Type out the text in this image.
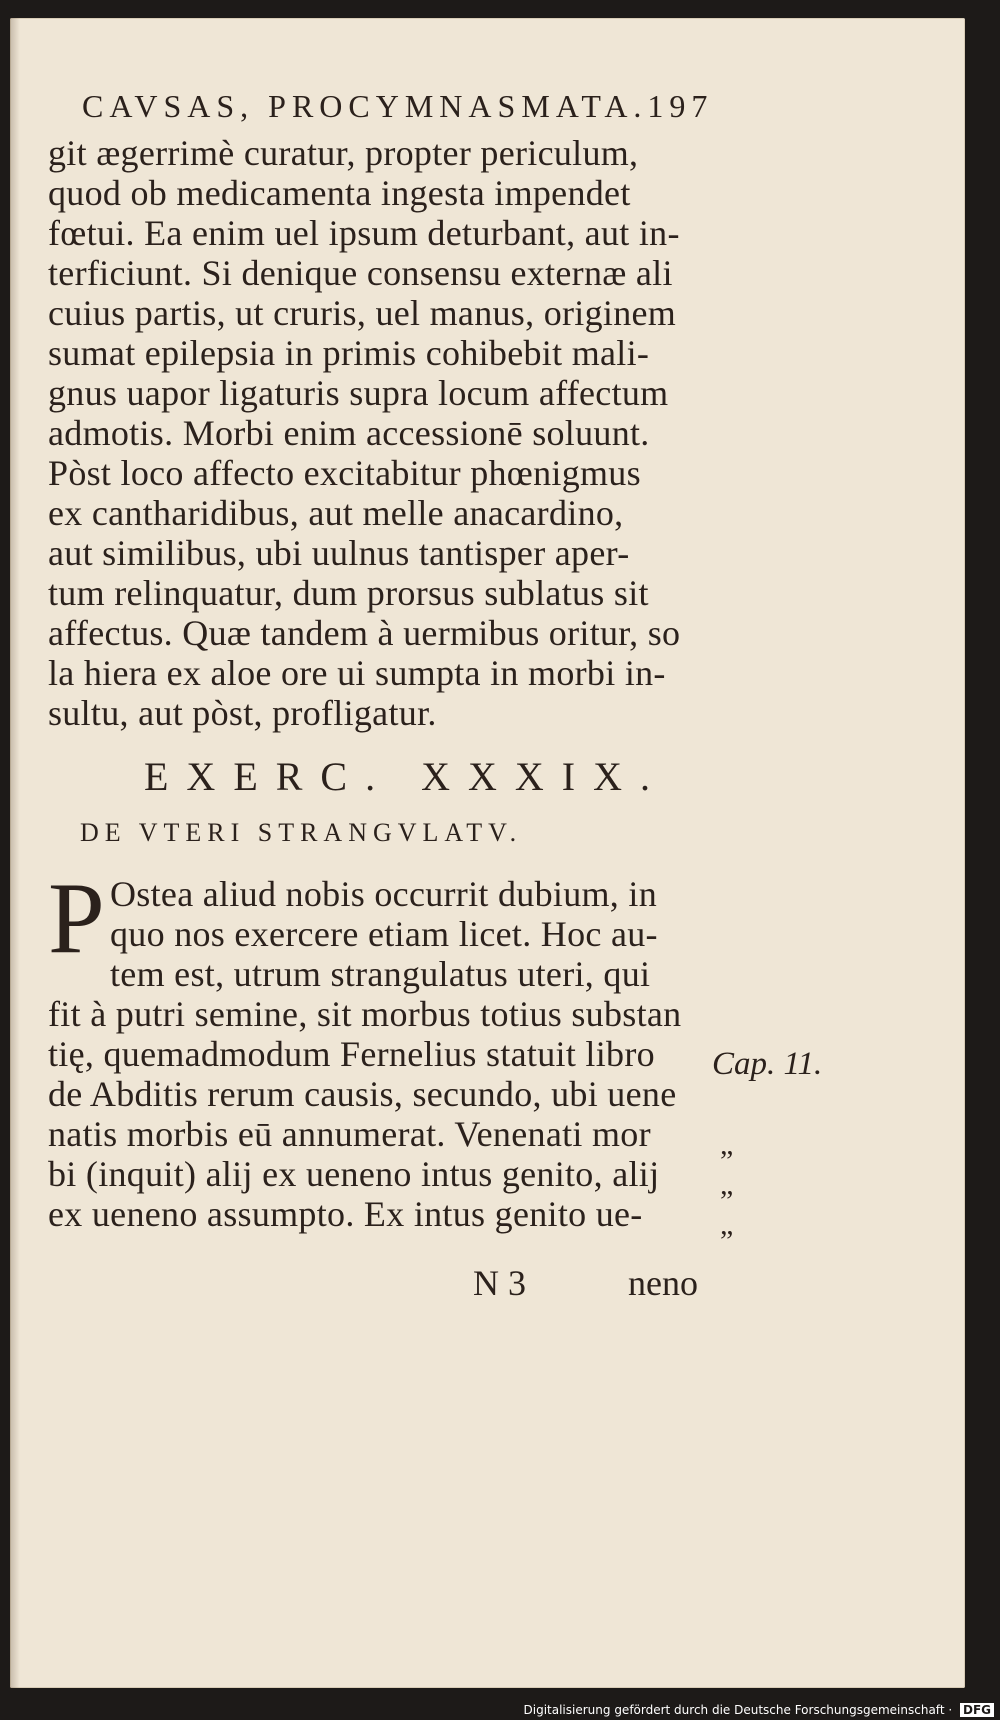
CAVSAS, PROCYMNASMATA.197
git ægerrimè curatur, propter periculum,
quod ob medicamenta ingesta impendet
fœtui. Ea enim uel ipsum deturbant, aut in-
terficiunt. Si denique consensu externæ ali
cuius partis, ut cruris, uel manus, originem
sumat epilepsia in primis cohibebit mali-
gnus uapor ligaturis supra locum affectum
admotis. Morbi enim accessionē soluunt.
Pòst loco affecto excitabitur phœnigmus
ex cantharidibus, aut melle anacardino,
aut similibus, ubi uulnus tantisper aper-
tum relinquatur, dum prorsus sublatus sit
affectus. Quæ tandem à uermibus oritur, so
la hiera ex aloe ore ui sumpta in morbi in-
sultu, aut pòst, profligatur.
EXERC. XXXIX.
DE VTERI STRANGVLATV.
P Ostea aliud nobis occurrit dubium, in
quo nos exercere etiam licet. Hoc au-
tem est, utrum strangulatus uteri, qui
fit à putri semine, sit morbus totius substan
tię, quemadmodum Fernelius statuit libro
de Abditis rerum causis, secundo, ubi uene
natis morbis eū annumerat. Venenati mor
bi (inquit) alij ex ueneno intus genito, alij
ex ueneno assumpto. Ex intus genito ue-
Cap. 11.
„
„
„
N 3	neno
Digitalisierung gefördert durch die Deutsche Forschungsgemeinschaft · DFG
